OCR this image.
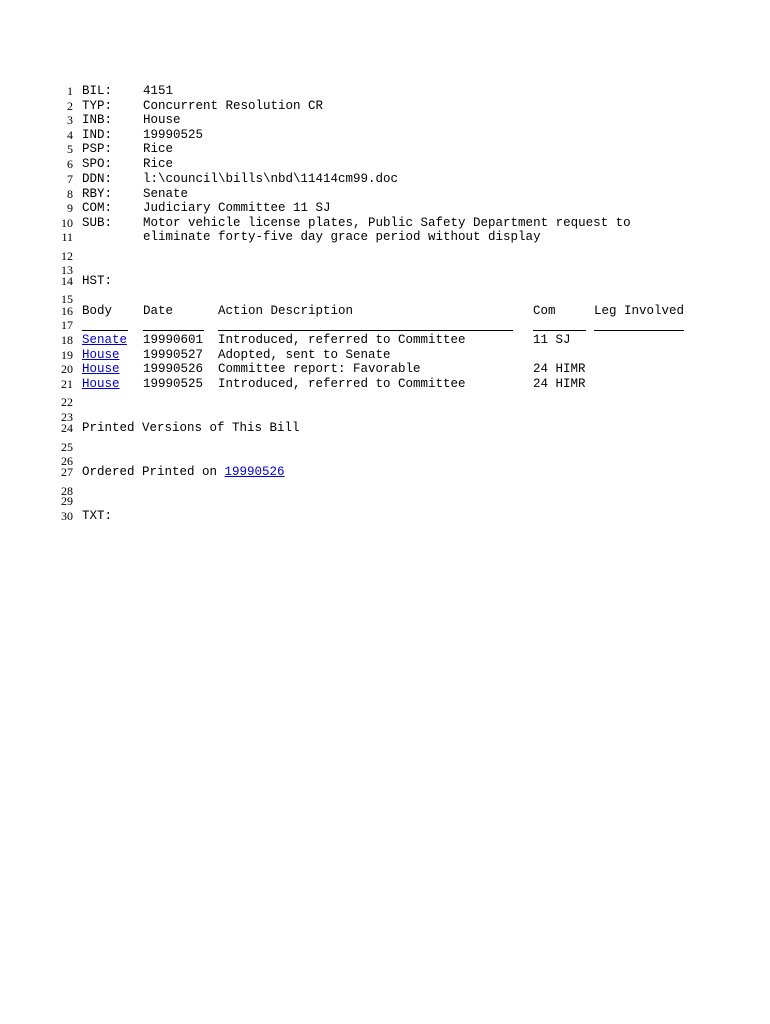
1
2
3
4
5
6
7
8
9
10
11
12
13
14
15
16
17
18
19
20
21
22
23
24
25
26
27
28
29
30
BIL: 4151
TYP: Concurrent Resolution CR
INB: House
IND: 19990525
PSP: Rice
SPO: Rice
DDN: l:\council\bills\nbd\11414cm99.doc
RBY: Senate
COM: Judiciary Committee 11 SJ
SUB: Motor vehicle license plates, Public Safety Department request to
eliminate forty-five day grace period without display
HST:
Body Date	Action Description	Com	Leg Involved
Senate 19990601 Introduced, referred to Committee	11 SJ
House 19990527 Adopted, sent to Senate
House 19990526 Committee report: Favorable	24 HIMR
House 19990525 Introduced, referred to Committee	24 HIMR
Printed Versions of This Bill
Ordered Printed on 19990526
TXT:
